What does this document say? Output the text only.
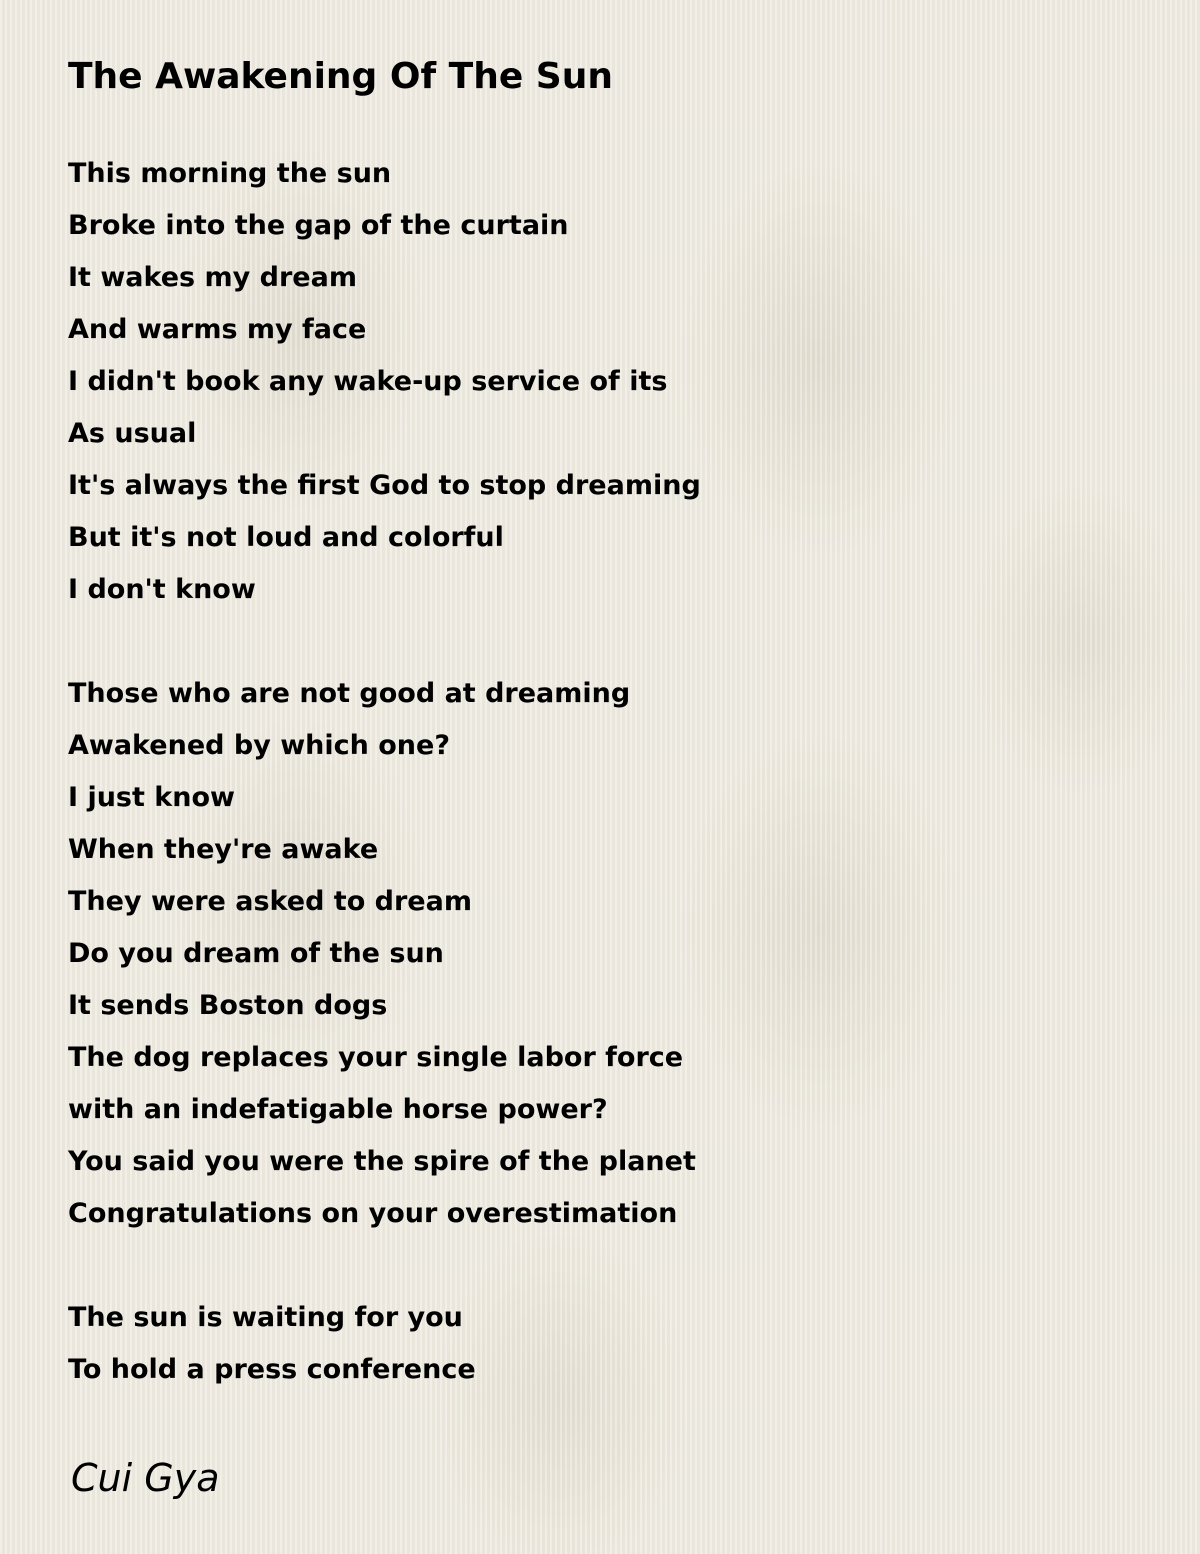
The Awakening Of The Sun
This morning the sun
Broke into the gap of the curtain
It wakes my dream
And warms my face
I didn't book any wake-up service of its
As usual
It's always the first God to stop dreaming
But it's not loud and colorful
I don't know
Those who are not good at dreaming
Awakened by which one?
I just know
When they're awake
They were asked to dream
Do you dream of the sun
It sends Boston dogs
The dog replaces your single labor force
with an indefatigable horse power?
You said you were the spire of the planet
Congratulations on your overestimation
The sun is waiting for you
To hold a press conference
Cui Gya
